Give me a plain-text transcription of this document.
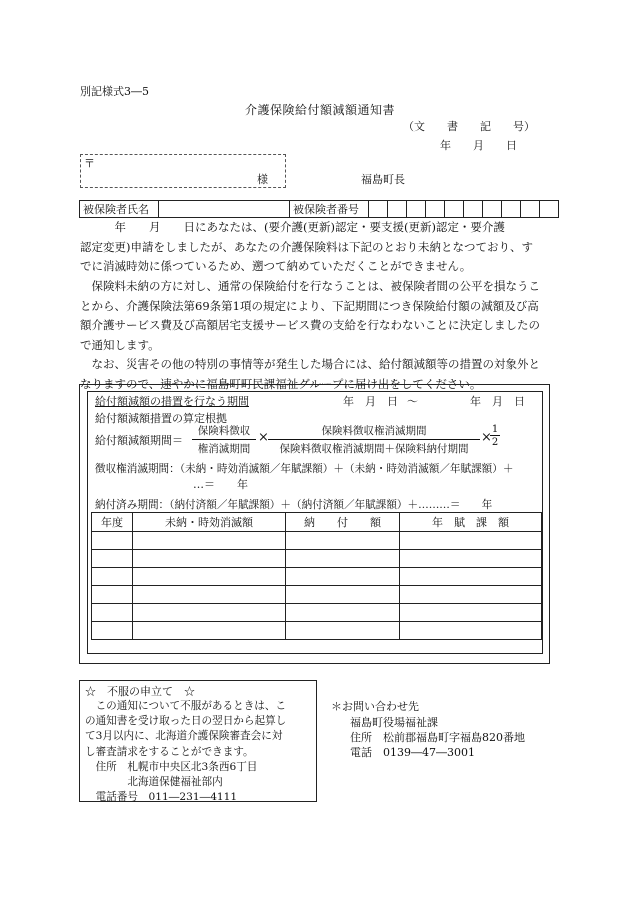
別記様式3―5
介護保険給付額減額通知書
（文　　書　　記　　号）
年　　月　　日
〒
様	福島町長
被保険者氏名		被保険者番号										
　　　年　　月　　日にあなたは、(要介護(更新)認定・要支援(更新)認定・要介護
認定変更)申請をしましたが、あなたの介護保険料は下記のとおり未納となつており、す
でに消滅時効に係つているため、遡つて納めていただくことができません。
　保険料未納の方に対し、通常の保険給付を行なうことは、被保険者間の公平を損なうこ
とから、介護保険法第69条第1項の規定により、下記期間につき保険給付額の減額及び高
額介護サービス費及び高額居宅支援サービス費の支給を行なわないことに決定しましたの
で通知します。
　なお、災害その他の特別の事情等が発生した場合には、給付額減額等の措置の対象外と
なりますので、速やかに福島町町民課福祉グループに届け出をしてください。
給付額減額の措置を行なう期間	年　月　日 ～	年　月　日
給付額減額措置の算定根拠
給付額減額期間＝
保険料徴収
権消滅期間
×	保険料徴収権消滅期間
保険料徴収権消滅期間＋保険料納付期間
×
$\frac{1}{2}$
徴収権消滅期間：（未納・時効消滅額／年賦課額）＋（未納・時効消滅額／年賦課額）＋
…＝　　年
納付済み期間：（納付済額／年賦課額）＋（納付済額／年賦課額）＋………＝　　年
年度	未納・時効消滅額	納　　付　　額	年　賦　課　額

☆　不服の申立て　☆
　この通知について不服があるときは、こ
の通知書を受け取った日の翌日から起算し
て3月以内に、北海道介護保険審査会に対
し審査請求をすることができます。
　住所　札幌市中央区北3条西6丁目
　　　　北海道保健福祉部内
　電話番号　011―231―4111
＊お問い合わせ先
福島町役場福祉課
住所　松前郡福島町字福島820番地
電話　0139―47―3001
